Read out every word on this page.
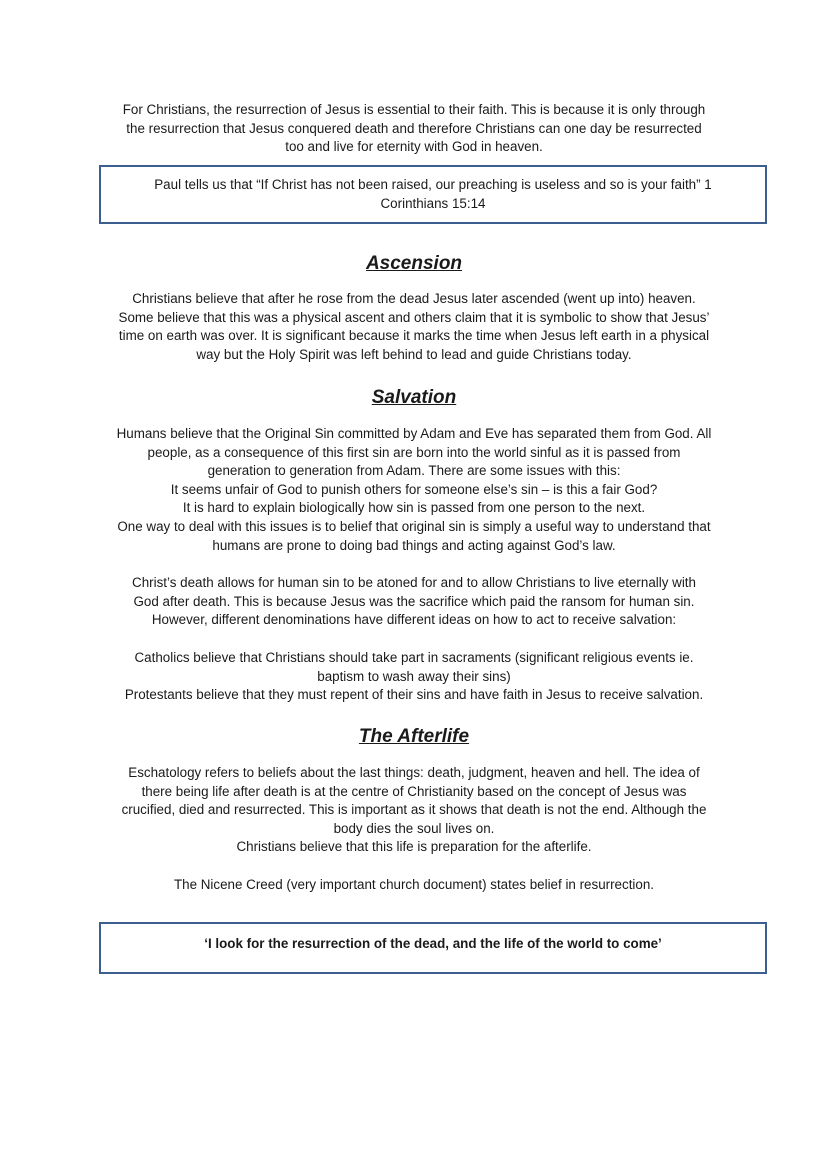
For Christians, the resurrection of Jesus is essential to their faith. This is because it is only through
the resurrection that Jesus conquered death and therefore Christians can one day be resurrected
too and live for eternity with God in heaven.

Paul tells us that “If Christ has not been raised, our preaching is useless and so is your faith” 1
Corinthians 15:14
Ascension

Christians believe that after he rose from the dead Jesus later ascended (went up into) heaven.
Some believe that this was a physical ascent and others claim that it is symbolic to show that Jesus’
time on earth was over. It is significant because it marks the time when Jesus left earth in a physical
way but the Holy Spirit was left behind to lead and guide Christians today.

Salvation

Humans believe that the Original Sin committed by Adam and Eve has separated them from God. All
people, as a consequence of this first sin are born into the world sinful as it is passed from
generation to generation from Adam. There are some issues with this:
It seems unfair of God to punish others for someone else’s sin – is this a fair God?
It is hard to explain biologically how sin is passed from one person to the next.
One way to deal with this issues is to belief that original sin is simply a useful way to understand that
humans are prone to doing bad things and acting against God’s law.

Christ’s death allows for human sin to be atoned for and to allow Christians to live eternally with
God after death. This is because Jesus was the sacrifice which paid the ransom for human sin.
However, different denominations have different ideas on how to act to receive salvation:

Catholics believe that Christians should take part in sacraments (significant religious events ie.
baptism to wash away their sins)
Protestants believe that they must repent of their sins and have faith in Jesus to receive salvation.

The Afterlife

Eschatology refers to beliefs about the last things: death, judgment, heaven and hell. The idea of
there being life after death is at the centre of Christianity based on the concept of Jesus was
crucified, died and resurrected. This is important as it shows that death is not the end. Although the
body dies the soul lives on.
Christians believe that this life is preparation for the afterlife.

The Nicene Creed (very important church document) states belief in resurrection.

‘I look for the resurrection of the dead, and the life of the world to come’
